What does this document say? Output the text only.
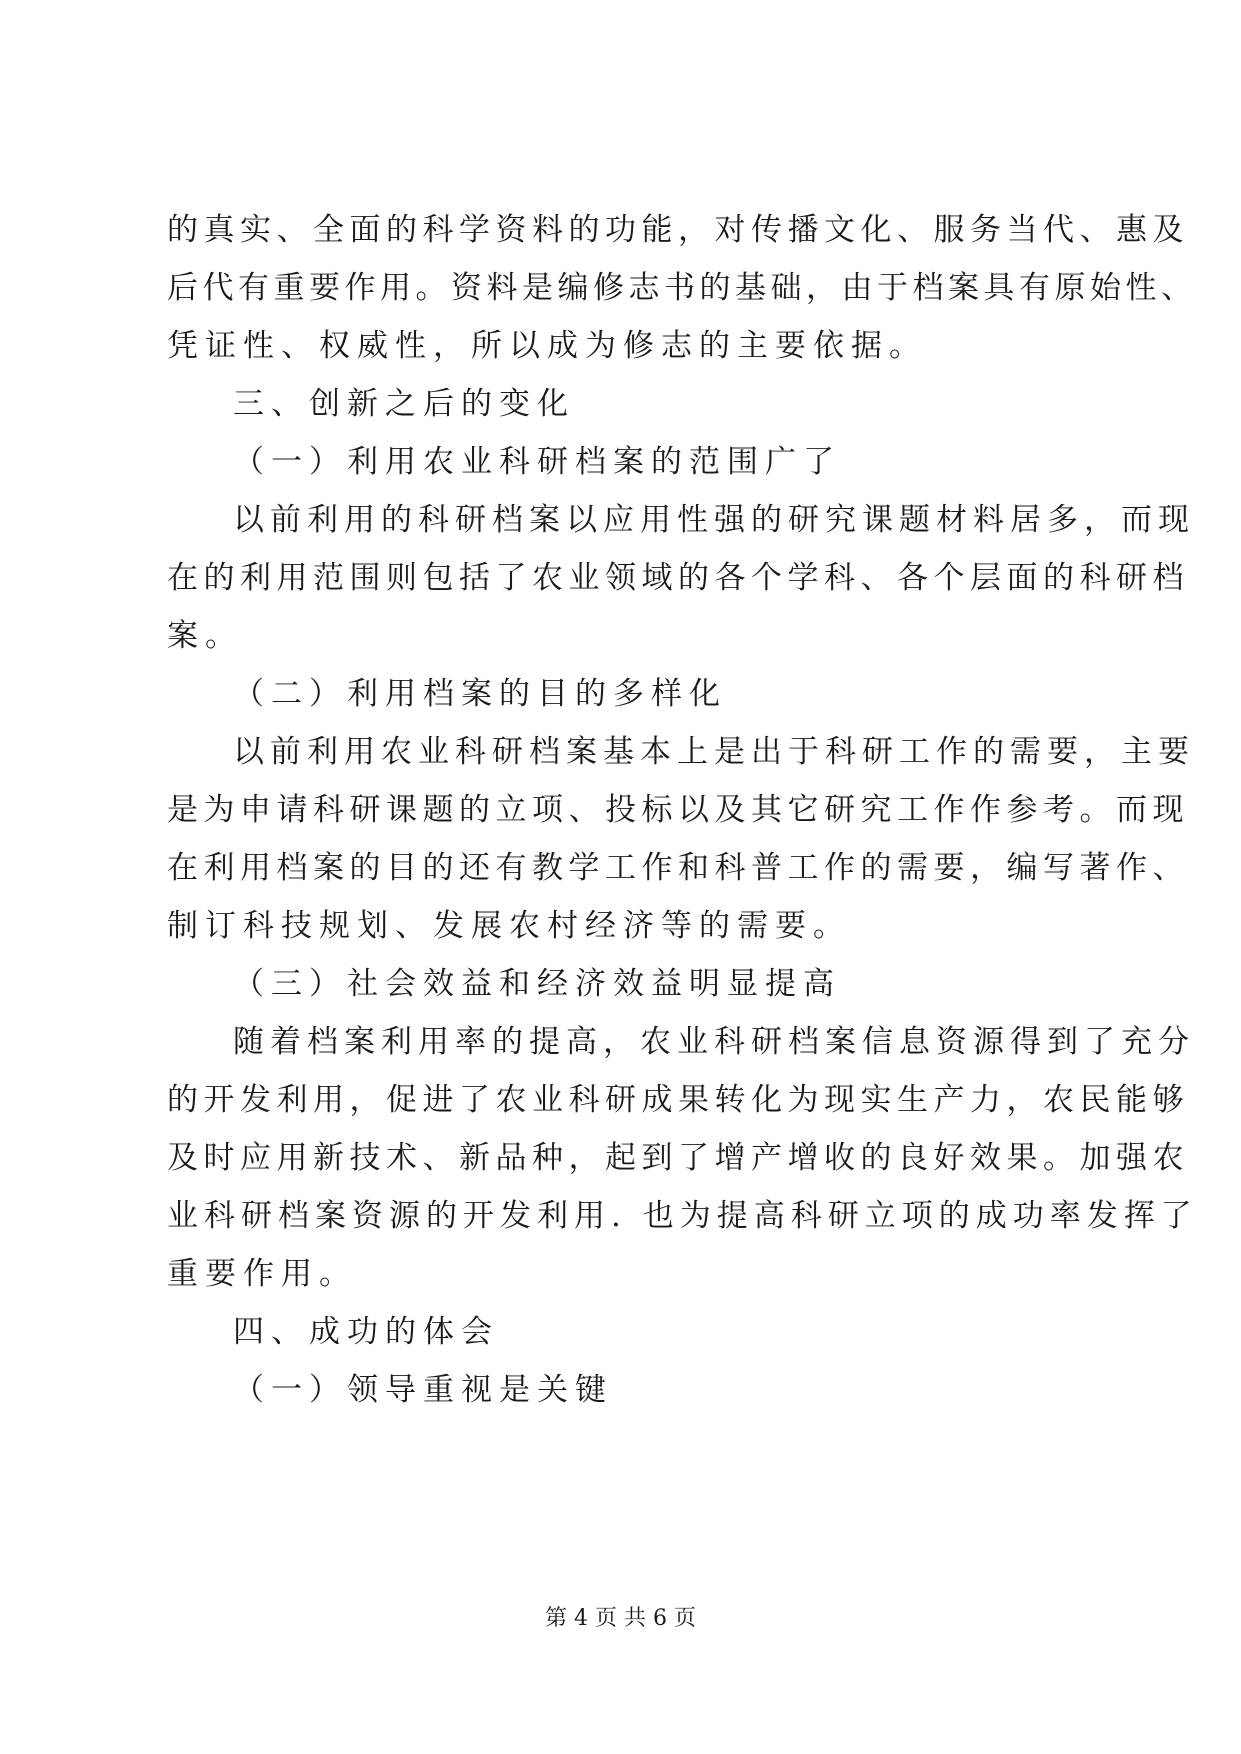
的真实、全面的科学资料的功能，对传播文化、服务当代、惠及
后代有重要作用。资料是编修志书的基础，由于档案具有原始性、
凭证性、权威性，所以成为修志的主要依据。
三、创新之后的变化
（一）利用农业科研档案的范围广了
以前利用的科研档案以应用性强的研究课题材料居多，而现
在的利用范围则包括了农业领域的各个学科、各个层面的科研档
案。
（二）利用档案的目的多样化
以前利用农业科研档案基本上是出于科研工作的需要，主要
是为申请科研课题的立项、投标以及其它研究工作作参考。而现
在利用档案的目的还有教学工作和科普工作的需要，编写著作、
制订科技规划、发展农村经济等的需要。
（三）社会效益和经济效益明显提高
随着档案利用率的提高，农业科研档案信息资源得到了充分
的开发利用，促进了农业科研成果转化为现实生产力，农民能够
及时应用新技术、新品种，起到了增产增收的良好效果。加强农
业科研档案资源的开发利用. 也为提高科研立项的成功率发挥了
重要作用。
四、成功的体会
（一）领导重视是关键
第 4 页 共 6 页
